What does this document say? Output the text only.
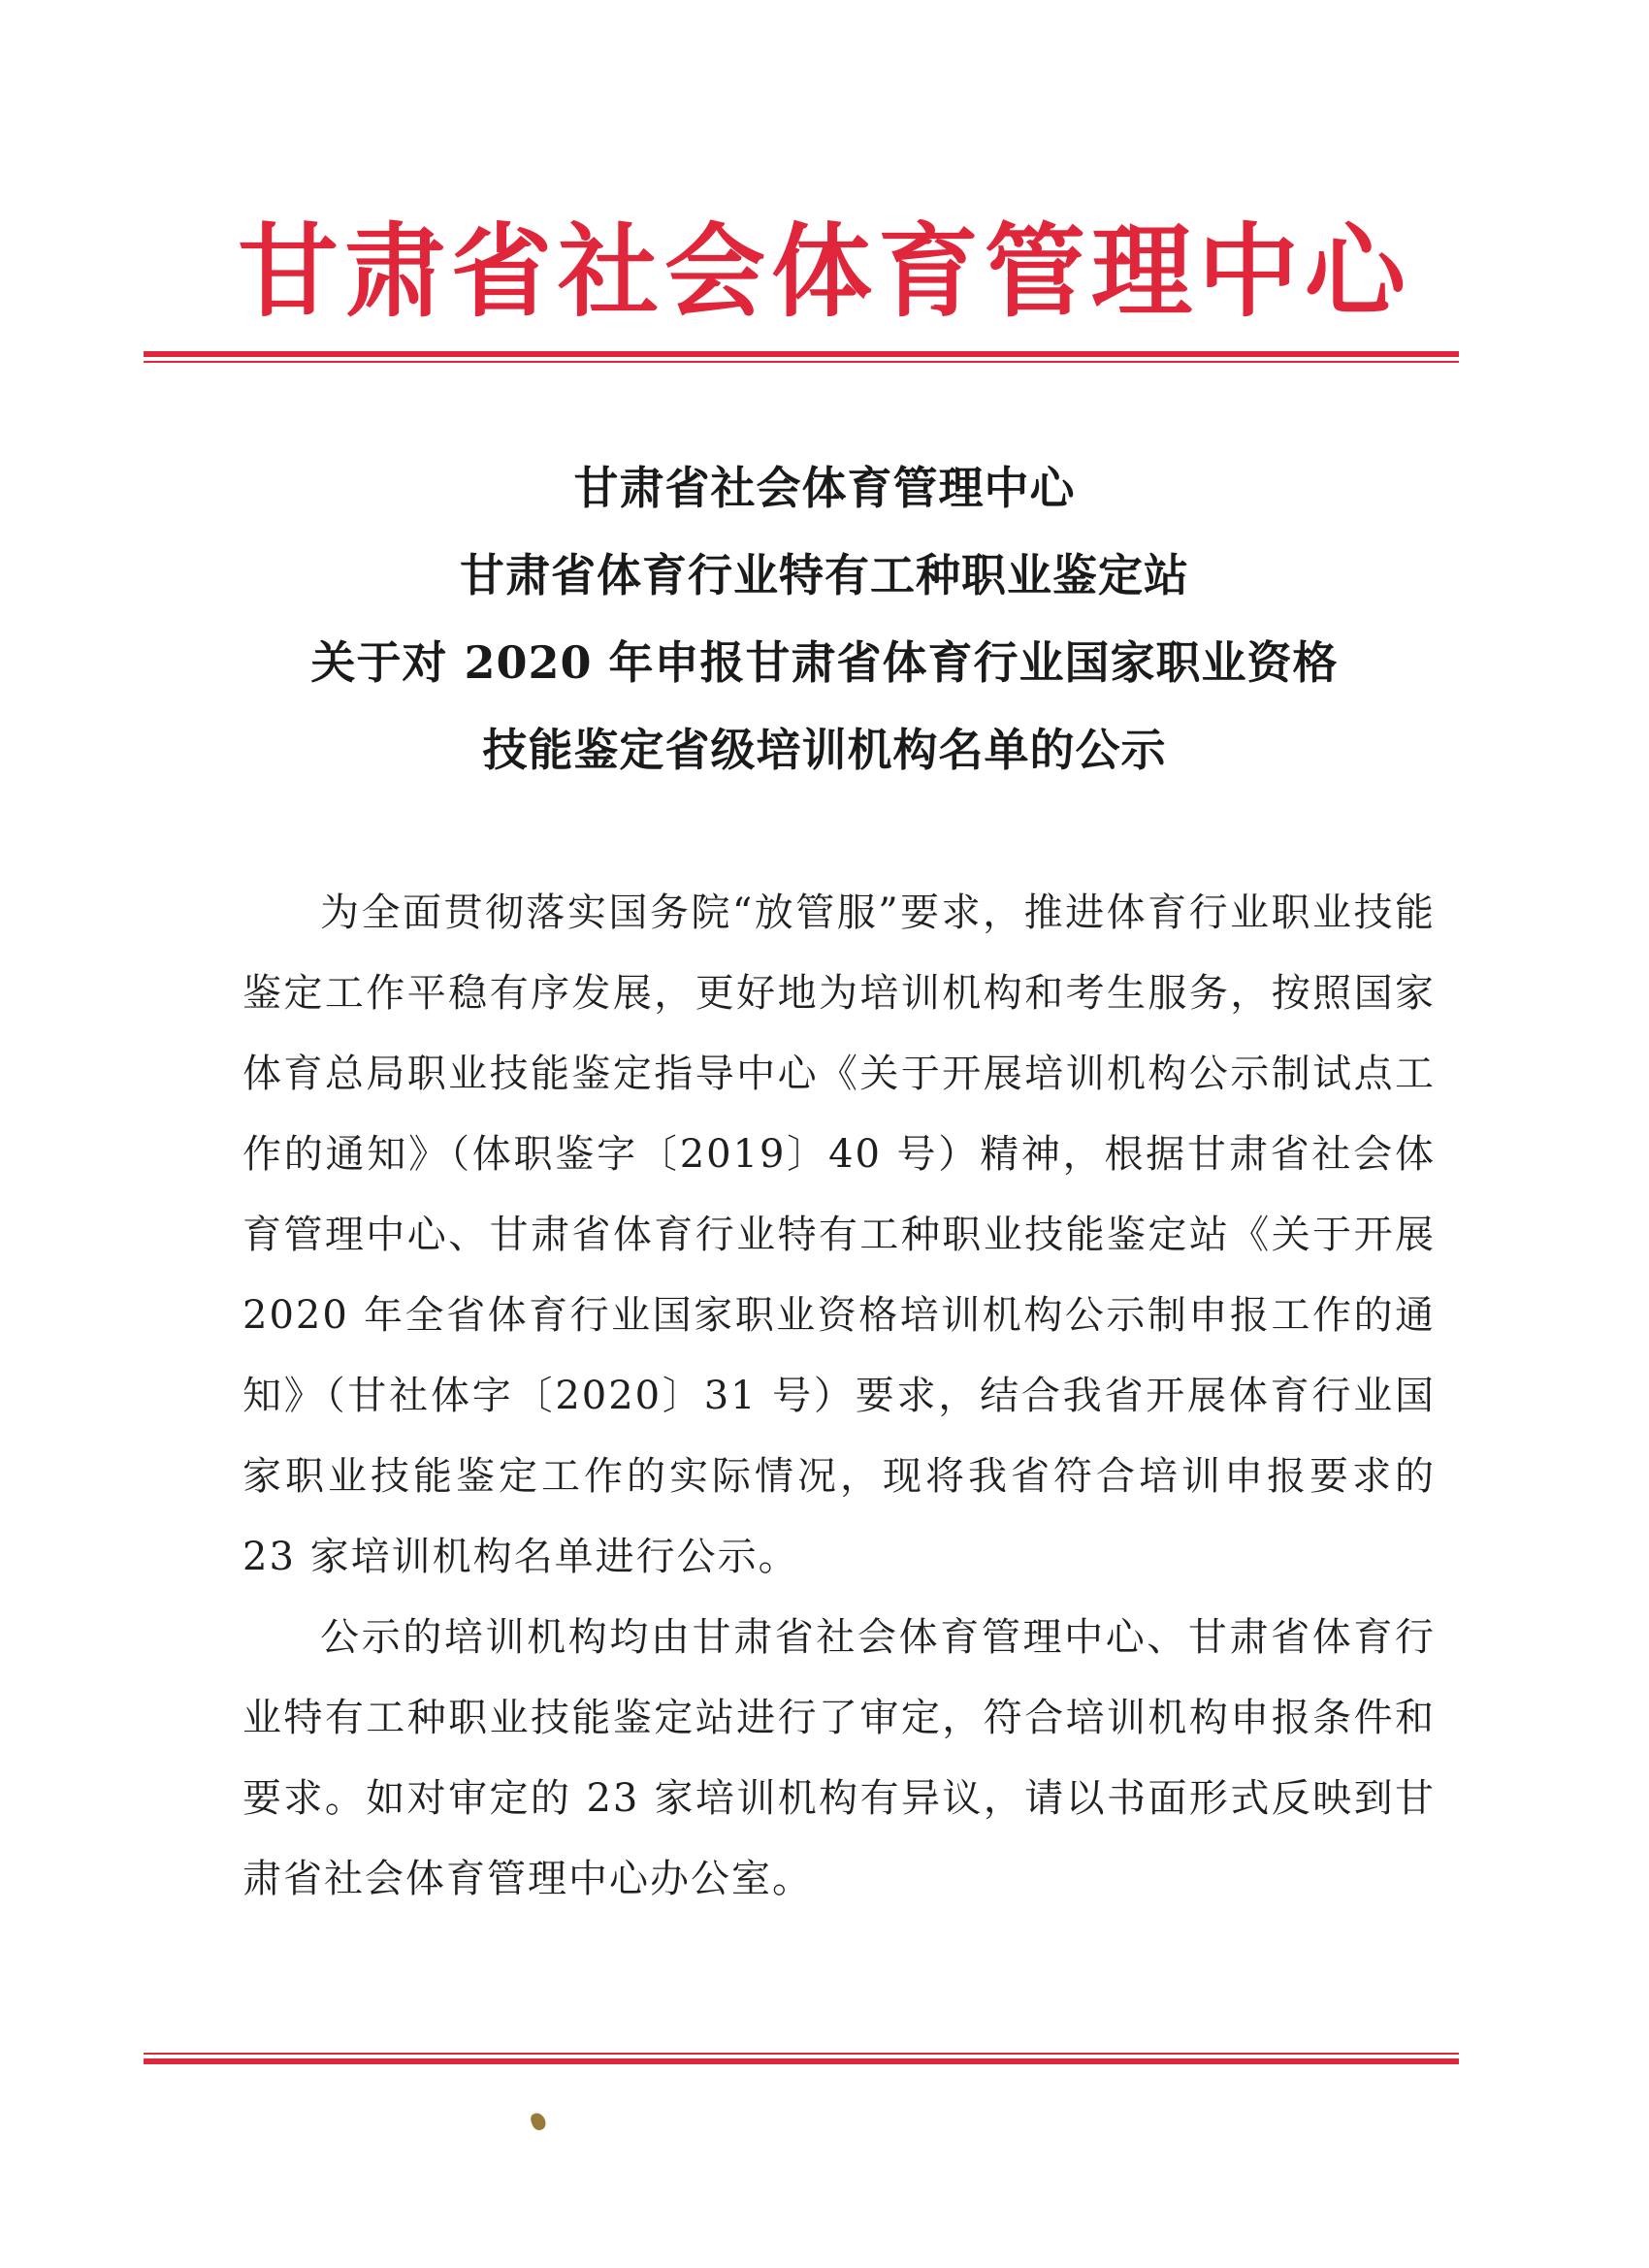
甘肃省社会体育管理中心
甘肃省社会体育管理中心
甘肃省体育行业特有工种职业鉴定站
关于对 2020 年申报甘肃省体育行业国家职业资格
技能鉴定省级培训机构名单的公示

为全面贯彻落实国务院“放管服”要求，推进体育行业职业技能鉴定工作平稳有序发展，更好地为培训机构和考生服务，按照国家体育总局职业技能鉴定指导中心《关于开展培训机构公示制试点工作的通知》（体职鉴字〔2019〕40 号）精神，根据甘肃省社会体育管理中心、甘肃省体育行业特有工种职业技能鉴定站《关于开展 2020 年全省体育行业国家职业资格培训机构公示制申报工作的通知》（甘社体字〔2020〕31 号）要求，结合我省开展体育行业国家职业技能鉴定工作的实际情况，现将我省符合培训申报要求的 23 家培训机构名单进行公示。

公示的培训机构均由甘肃省社会体育管理中心、甘肃省体育行业特有工种职业技能鉴定站进行了审定，符合培训机构申报条件和要求。如对审定的 23 家培训机构有异议，请以书面形式反映到甘肃省社会体育管理中心办公室。
